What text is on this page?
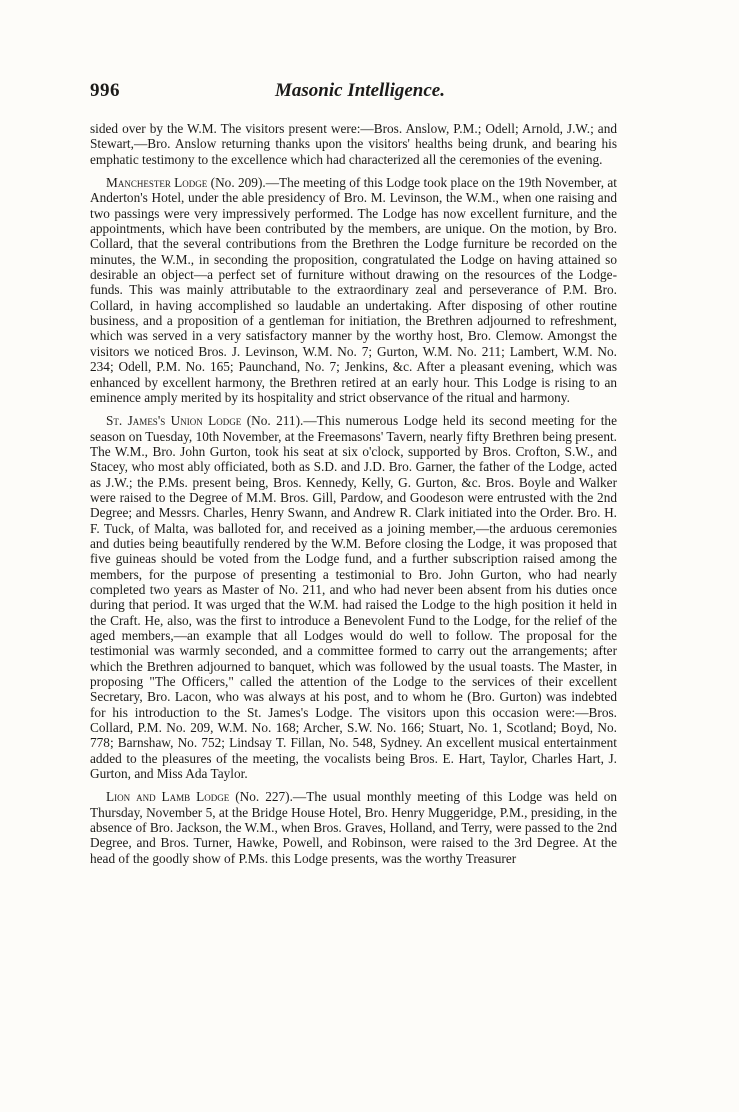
996	Masonic Intelligence.

sided over by the W.M. The visitors present were:—Bros. Anslow, P.M.; Odell; Arnold, J.W.; and Stewart,—Bro. Anslow returning thanks upon the visitors' healths being drunk, and bearing his emphatic testimony to the excellence which had characterized all the ceremonies of the evening.

Manchester Lodge (No. 209).—The meeting of this Lodge took place on the 19th November, at Anderton's Hotel, under the able presidency of Bro. M. Levinson, the W.M., when one raising and two passings were very impressively performed. The Lodge has now excellent furniture, and the appointments, which have been contributed by the members, are unique. On the motion, by Bro. Collard, that the several contributions from the Brethren the Lodge furniture be recorded on the minutes, the W.M., in seconding the proposition, congratulated the Lodge on having attained so desirable an object—a perfect set of furniture without drawing on the resources of the Lodge-funds. This was mainly attributable to the extraordinary zeal and perseverance of P.M. Bro. Collard, in having accomplished so laudable an undertaking. After disposing of other routine business, and a proposition of a gentleman for initiation, the Brethren adjourned to refreshment, which was served in a very satisfactory manner by the worthy host, Bro. Clemow. Amongst the visitors we noticed Bros. J. Levinson, W.M. No. 7; Gurton, W.M. No. 211; Lambert, W.M. No. 234; Odell, P.M. No. 165; Paunchand, No. 7; Jenkins, &c. After a pleasant evening, which was enhanced by excellent harmony, the Brethren retired at an early hour. This Lodge is rising to an eminence amply merited by its hospitality and strict observance of the ritual and harmony.

St. James's Union Lodge (No. 211).—This numerous Lodge held its second meeting for the season on Tuesday, 10th November, at the Freemasons' Tavern, nearly fifty Brethren being present. The W.M., Bro. John Gurton, took his seat at six o'clock, supported by Bros. Crofton, S.W., and Stacey, who most ably officiated, both as S.D. and J.D. Bro. Garner, the father of the Lodge, acted as J.W.; the P.Ms. present being, Bros. Kennedy, Kelly, G. Gurton, &c. Bros. Boyle and Walker were raised to the Degree of M.M. Bros. Gill, Pardow, and Goodeson were entrusted with the 2nd Degree; and Messrs. Charles, Henry Swann, and Andrew R. Clark initiated into the Order. Bro. H. F. Tuck, of Malta, was balloted for, and received as a joining member,—the arduous ceremonies and duties being beautifully rendered by the W.M. Before closing the Lodge, it was proposed that five guineas should be voted from the Lodge fund, and a further subscription raised among the members, for the purpose of presenting a testimonial to Bro. John Gurton, who had nearly completed two years as Master of No. 211, and who had never been absent from his duties once during that period. It was urged that the W.M. had raised the Lodge to the high position it held in the Craft. He, also, was the first to introduce a Benevolent Fund to the Lodge, for the relief of the aged members,—an example that all Lodges would do well to follow. The proposal for the testimonial was warmly seconded, and a committee formed to carry out the arrangements; after which the Brethren adjourned to banquet, which was followed by the usual toasts. The Master, in proposing "The Officers," called the attention of the Lodge to the services of their excellent Secretary, Bro. Lacon, who was always at his post, and to whom he (Bro. Gurton) was indebted for his introduction to the St. James's Lodge. The visitors upon this occasion were:—Bros. Collard, P.M. No. 209, W.M. No. 168; Archer, S.W. No. 166; Stuart, No. 1, Scotland; Boyd, No. 778; Barnshaw, No. 752; Lindsay T. Fillan, No. 548, Sydney. An excellent musical entertainment added to the pleasures of the meeting, the vocalists being Bros. E. Hart, Taylor, Charles Hart, J. Gurton, and Miss Ada Taylor.

Lion and Lamb Lodge (No. 227).—The usual monthly meeting of this Lodge was held on Thursday, November 5, at the Bridge House Hotel, Bro. Henry Muggeridge, P.M., presiding, in the absence of Bro. Jackson, the W.M., when Bros. Graves, Holland, and Terry, were passed to the 2nd Degree, and Bros. Turner, Hawke, Powell, and Robinson, were raised to the 3rd Degree. At the head of the goodly show of P.Ms. this Lodge presents, was the worthy Treasurer
